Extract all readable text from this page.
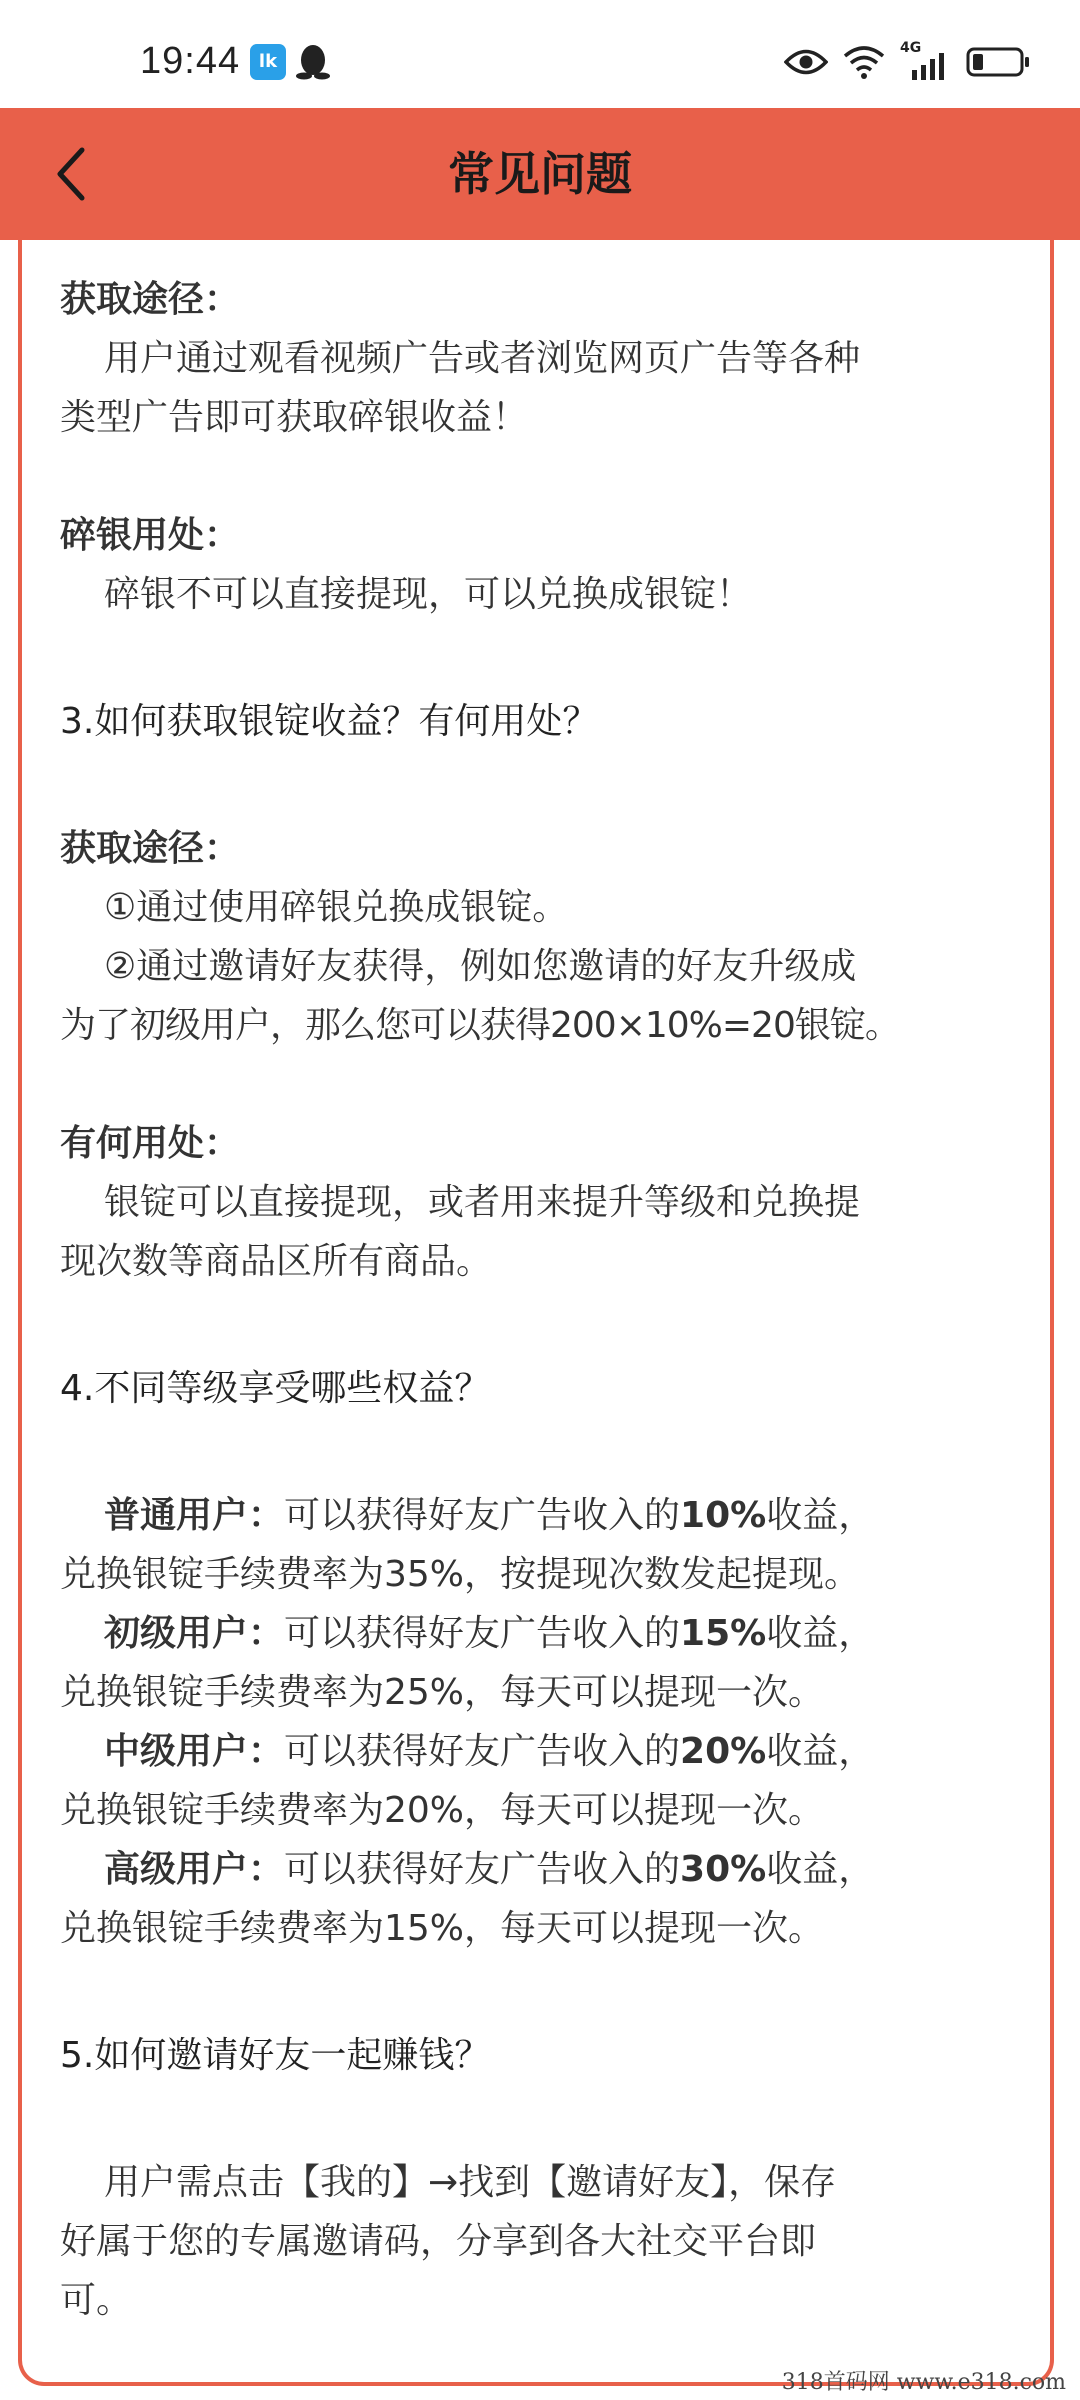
19:44	lk
4G
常见问题
获取途径：
用户通过观看视频广告或者浏览网页广告等各种
类型广告即可获取碎银收益！
碎银用处：
碎银不可以直接提现，可以兑换成银锭！
3.如何获取银锭收益？有何用处？
获取途径：
①通过使用碎银兑换成银锭。
②通过邀请好友获得，例如您邀请的好友升级成
为了初级用户，那么您可以获得200×10%=20银锭。
有何用处：
银锭可以直接提现，或者用来提升等级和兑换提
现次数等商品区所有商品。
4.不同等级享受哪些权益？
普通用户：可以获得好友广告收入的10%收益，
兑换银锭手续费率为35%，按提现次数发起提现。
初级用户：可以获得好友广告收入的15%收益，
兑换银锭手续费率为25%，每天可以提现一次。
中级用户：可以获得好友广告收入的20%收益，
兑换银锭手续费率为20%，每天可以提现一次。
高级用户：可以获得好友广告收入的30%收益，
兑换银锭手续费率为15%，每天可以提现一次。
5.如何邀请好友一起赚钱？
用户需点击【我的】→找到【邀请好友】，保存
好属于您的专属邀请码，分享到各大社交平台即
可。
318首码网 www.e318.com
